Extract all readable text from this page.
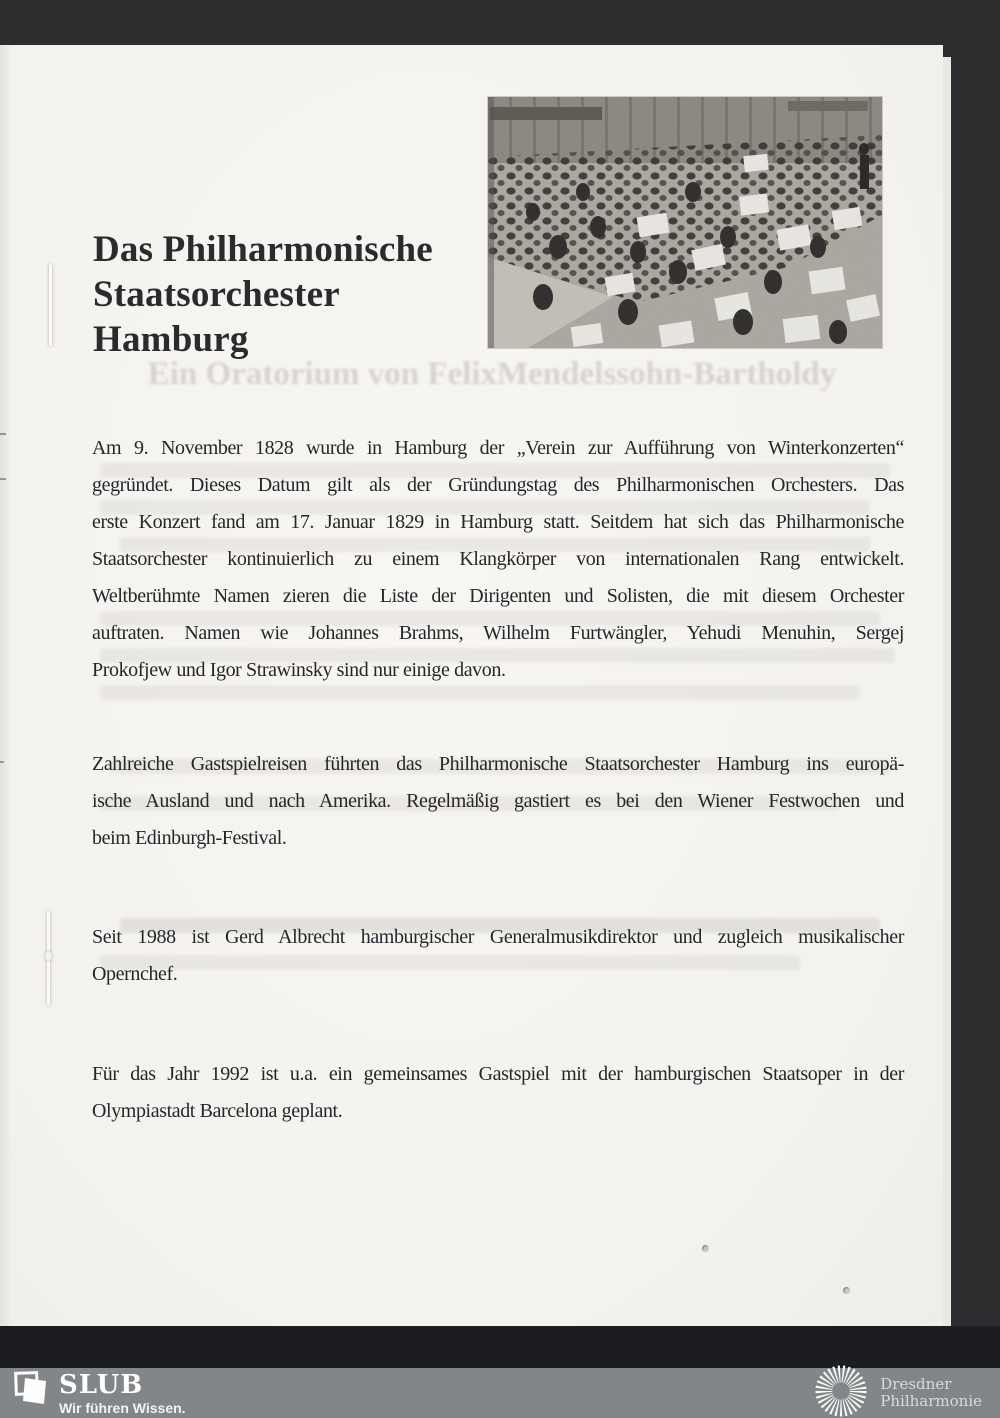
Das Philharmonische
Staatsorchester
Hamburg
Ein Oratorium von FelixMendelssohn-Bartholdy
Am 9. November 1828 wurde in Hamburg der „Verein zur Aufführung von Winterkonzerten“
gegründet. Dieses Datum gilt als der Gründungstag des Philharmonischen Orchesters. Das
erste Konzert fand am 17. Januar 1829 in Hamburg statt. Seitdem hat sich das Philharmonische
Staatsorchester kontinuierlich zu einem Klangkörper von internationalen Rang entwickelt.
Weltberühmte Namen zieren die Liste der Dirigenten und Solisten, die mit diesem Orchester
auftraten. Namen wie Johannes Brahms, Wilhelm Furtwängler, Yehudi Menuhin, Sergej
Prokofjew und Igor Strawinsky sind nur einige davon.
Zahlreiche Gastspielreisen führten das Philharmonische Staatsorchester Hamburg ins europä-
ische Ausland und nach Amerika. Regelmäßig gastiert es bei den Wiener Festwochen und
beim Edinburgh-Festival.
Seit 1988 ist Gerd Albrecht hamburgischer Generalmusikdirektor und zugleich musikalischer
Opernchef.
Für das Jahr 1992 ist u.a. ein gemeinsames Gastspiel mit der hamburgischen Staatsoper in der
Olympiastadt Barcelona geplant.
SLUB
Wir führen Wissen.
Dresdner
Philharmonie
